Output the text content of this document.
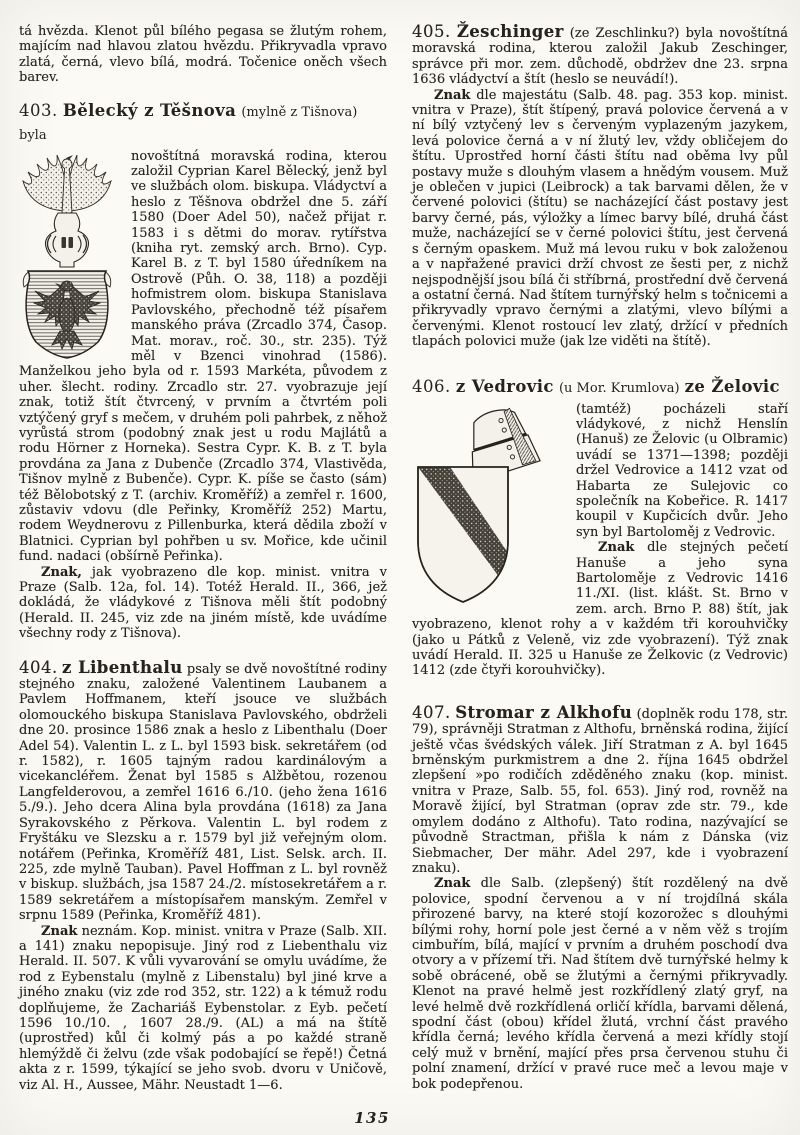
tá hvězda. Klenot půl bílého pegasa se žlutým rohem, majícím nad hlavou zlatou hvězdu. Přikryvadla vpravo zlatá, černá, vlevo bílá, modrá. Točenice oněch všech barev.

403. Bělecký z Těšnova (mylně z Tišnova) byla

novoštítná moravská rodina, kterou založil Cyprian Karel Bělecký, jenž byl ve službách olom. biskupa. Vládyctví a heslo z Těšnova obdržel dne 5. září 1580 (Doer Adel 50), načež přijat r. 1583 i s dětmi do morav. rytířstva (kniha ryt. zemský arch. Brno). Cyp. Karel B. z T. byl 1580 úředníkem na Ostrově (Půh. O. 38, 118) a později hofmistrem olom. biskupa Stanislava Pavlovského, přechodně též písařem manského práva (Zrcadlo 374, Časop. Mat. morav., roč. 30., str. 235). Týž měl v Bzenci vinohrad (1586). Manželkou jeho byla od r. 1593 Markéta, původem z uher. šlecht. rodiny. Zrcadlo str. 27. vyobrazuje její znak, totiž štít čtvrcený, v prvním a čtvrtém poli vztýčený gryf s mečem, v druhém poli pahrbek, z něhož vyrůstá strom (podobný znak jest u rodu Majlátů a rodu Hörner z Horneka). Sestra Cypr. K. B. z T. byla provdána za Jana z Dubenče (Zrcadlo 374, Vlastivěda, Tišnov mylně z Bubenče). Cypr. K. píše se často (sám) též Bělobotský z T. (archiv. Kroměříž) a zemřel r. 1600, zůstaviv vdovu (dle Peřinky, Kroměříž 252) Martu, rodem Weydnerovu z Pillenburka, která dědila zboží v Blatnici. Cyprian byl pohřben u sv. Mořice, kde učinil fund. nadaci (obšírně Peřinka).

Znak, jak vyobrazeno dle kop. minist. vnitra v Praze (Salb. 12a, fol. 14). Totéž Herald. II., 366, jež dokládá, že vládykové z Tišnova měli štít podobný (Herald. II. 245, viz zde na jiném místě, kde uvádíme všechny rody z Tišnova).

404. z Libenthalu psaly se dvě novoštítné rodiny stejného znaku, založené Valentinem Laubanem a Pavlem Hoffmanem, kteří jsouce ve službách olomouckého biskupa Stanislava Pavlovského, obdrželi dne 20. prosince 1586 znak a heslo z Libenthalu (Doer Adel 54). Valentin L. z L. byl 1593 bisk. sekretářem (od r. 1582), r. 1605 tajným radou kardinálovým a vicekancléřem. Ženat byl 1585 s Alžbětou, rozenou Langfelderovou, a zemřel 1616 6./10. (jeho žena 1616 5./9.). Jeho dcera Alina byla provdána (1618) za Jana Syrakovského z Pěrkova. Valentin L. byl rodem z Fryštáku ve Slezsku a r. 1579 byl již veřejným olom. notářem (Peřinka, Kroměříž 481, List. Selsk. arch. II. 225, zde mylně Tauban). Pavel Hoffman z L. byl rovněž v biskup. službách, jsa 1587 24./2. místosekretářem a r. 1589 sekretářem a místopísařem manským. Zemřel v srpnu 1589 (Peřinka, Kroměříž 481).

Znak neznám. Kop. minist. vnitra v Praze (Salb. XII. a 141) znaku nepopisuje. Jiný rod z Liebenthalu viz Herald. II. 507. K vůli vyvarování se omylu uvádíme, že rod z Eybenstalu (mylně z Libenstalu) byl jiné krve a jiného znaku (viz zde rod 352, str. 122) a k témuž rodu doplňujeme, že Zachariáš Eybenstolar. z Eyb. pečetí 1596 10./10. , 1607 28./9. (AL) a má na štítě (uprostřed) kůl či kolmý pás a po každé straně hlemýždě či želvu (zde však podobající se řepě!) Četná akta z r. 1599, týkající se jeho svob. dvoru v Uničově, viz Al. H., Aussee, Mähr. Neustadt 1—6.

405. Žeschinger (ze Zeschlinku?) byla novoštítná moravská rodina, kterou založil Jakub Zeschinger, správce při mor. zem. důchodě, obdržev dne 23. srpna 1636 vládyctví a štít (heslo se neuvádí!).

Znak dle majestátu (Salb. 48. pag. 353 kop. minist. vnitra v Praze), štít štípený, pravá polovice červená a v ní bílý vztyčený lev s červeným vyplazeným jazykem, levá polovice černá a v ní žlutý lev, vždy obličejem do štítu. Uprostřed horní části štítu nad oběma lvy půl postavy muže s dlouhým vlasem a hnědým vousem. Muž je oblečen v jupici (Leibrock) a tak barvami dělen, že v červené polovici (štítu) se nacházející část postavy jest barvy černé, pás, výložky a límec barvy bílé, druhá část muže, nacházející se v černé polovici štítu, jest červená s černým opaskem. Muž má levou ruku v bok založenou a v napřažené pravici drží chvost ze šesti per, z nichž nejspodnější jsou bílá či stříbrná, prostřední dvě červená a ostatní černá. Nad štítem turnýřský helm s točnicemi a přikryvadly vpravo černými a zlatými, vlevo bílými a červenými. Klenot rostoucí lev zlatý, držící v předních tlapách polovici muže (jak lze viděti na štítě).

406. z Vedrovic (u Mor. Krumlova) ze Želovic

(tamtéž) pocházeli staří vládykové, z nichž Henslín (Hanuš) ze Želovic (u Olbramic) uvádí se 1371—1398; později držel Vedrovice a 1412 vzat od Habarta ze Sulejovic co společník na Kobeřice. R. 1417 koupil v Kupčicích dvůr. Jeho syn byl Bartoloměj z Vedrovic.

Znak dle stejných pečetí Hanuše a jeho syna Bartoloměje z Vedrovic 1416 11./XI. (list. klášt. St. Brno v zem. arch. Brno P. 88) štít, jak vyobrazeno, klenot rohy a v každém tři korouhvičky (jako u Pátků z Veleně, viz zde vyobrazení). Týž znak uvádí Herald. II. 325 u Hanuše ze Želkovic (z Vedrovic) 1412 (zde čtyři korouhvičky).

407. Stromar z Alkhofu (doplněk rodu 178, str. 79), správněji Stratman z Althofu, brněnská rodina, žijící ještě včas švédských válek. Jiří Stratman z A. byl 1645 brněnským purkmistrem a dne 2. října 1645 obdržel zlepšení »po rodičích zděděného znaku (kop. minist. vnitra v Praze, Salb. 55, fol. 653). Jiný rod, rovněž na Moravě žijící, byl Stratman (oprav zde str. 79., kde omylem dodáno z Althofu). Tato rodina, nazývající se původně Stractman, přišla k nám z Dánska (viz Siebmacher, Der mähr. Adel 297, kde i vyobrazení znaku).

Znak dle Salb. (zlepšený) štít rozdělený na dvě polovice, spodní červenou a v ní trojdílná skála přirozené barvy, na které stojí kozorožec s dlouhými bílými rohy, horní pole jest černé a v něm věž s trojím cimbuřím, bílá, mající v prvním a druhém poschodí dva otvory a v přízemí tři. Nad štítem dvě turnýřské helmy k sobě obrácené, obě se žlutými a černými přikryvadly. Klenot na pravé helmě jest rozkřídlený zlatý gryf, na levé helmě dvě rozkřídlená orličí křídla, barvami dělená, spodní část (obou) křídel žlutá, vrchní část pravého křídla černá; levého křídla červená a mezi křídly stojí celý muž v brnění, mající přes prsa červenou stuhu či polní znamení, držící v pravé ruce meč a levou maje v bok podepřenou.

135
